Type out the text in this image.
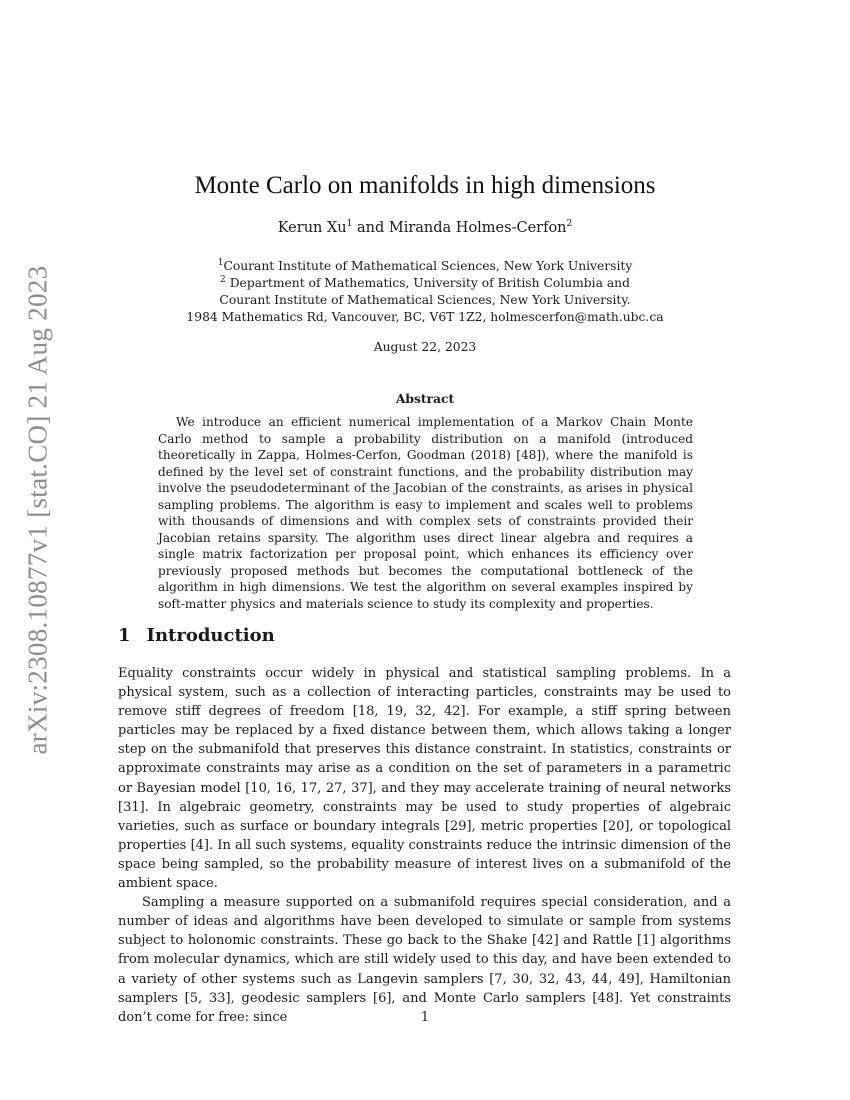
arXiv:2308.10877v1 [stat.CO] 21 Aug 2023
Monte Carlo on manifolds in high dimensions
Kerun Xu$^1$ and Miranda Holmes-Cerfon$^2$
$^1$Courant Institute of Mathematical Sciences, New York University
$^2$ Department of Mathematics, University of British Columbia and
Courant Institute of Mathematical Sciences, New York University.
1984 Mathematics Rd, Vancouver, BC, V6T 1Z2, holmescerfon@math.ubc.ca
August 22, 2023
Abstract
We introduce an efficient numerical implementation of a Markov Chain Monte Carlo method to sample a probability distribution on a manifold (introduced theoretically in Zappa, Holmes-Cerfon, Goodman (2018) [48]), where the manifold is defined by the level set of constraint functions, and the probability distribution may involve the pseudodeterminant of the Jacobian of the constraints, as arises in physical sampling problems. The algorithm is easy to implement and scales well to problems with thousands of dimensions and with complex sets of constraints provided their Jacobian retains sparsity. The algorithm uses direct linear algebra and requires a single matrix factorization per proposal point, which enhances its efficiency over previously proposed methods but becomes the computational bottleneck of the algorithm in high dimensions. We test the algorithm on several examples inspired by soft-matter physics and materials science to study its complexity and properties.
1 Introduction

Equality constraints occur widely in physical and statistical sampling problems. In a physical system, such as a collection of interacting particles, constraints may be used to remove stiff degrees of freedom [18, 19, 32, 42]. For example, a stiff spring between particles may be replaced by a fixed distance between them, which allows taking a longer step on the submanifold that preserves this distance constraint. In statistics, constraints or approximate constraints may arise as a condition on the set of parameters in a parametric or Bayesian model [10, 16, 17, 27, 37], and they may accelerate training of neural networks [31]. In algebraic geometry, constraints may be used to study properties of algebraic varieties, such as surface or boundary integrals [29], metric properties [20], or topological properties [4]. In all such systems, equality constraints reduce the intrinsic dimension of the space being sampled, so the probability measure of interest lives on a submanifold of the ambient space.

Sampling a measure supported on a submanifold requires special consideration, and a number of ideas and algorithms have been developed to simulate or sample from systems subject to holonomic constraints. These go back to the Shake [42] and Rattle [1] algorithms from molecular dynamics, which are still widely used to this day, and have been extended to a variety of other systems such as Langevin samplers [7, 30, 32, 43, 44, 49], Hamiltonian samplers [5, 33], geodesic samplers [6], and Monte Carlo samplers [48]. Yet constraints don’t come for free: since	1
